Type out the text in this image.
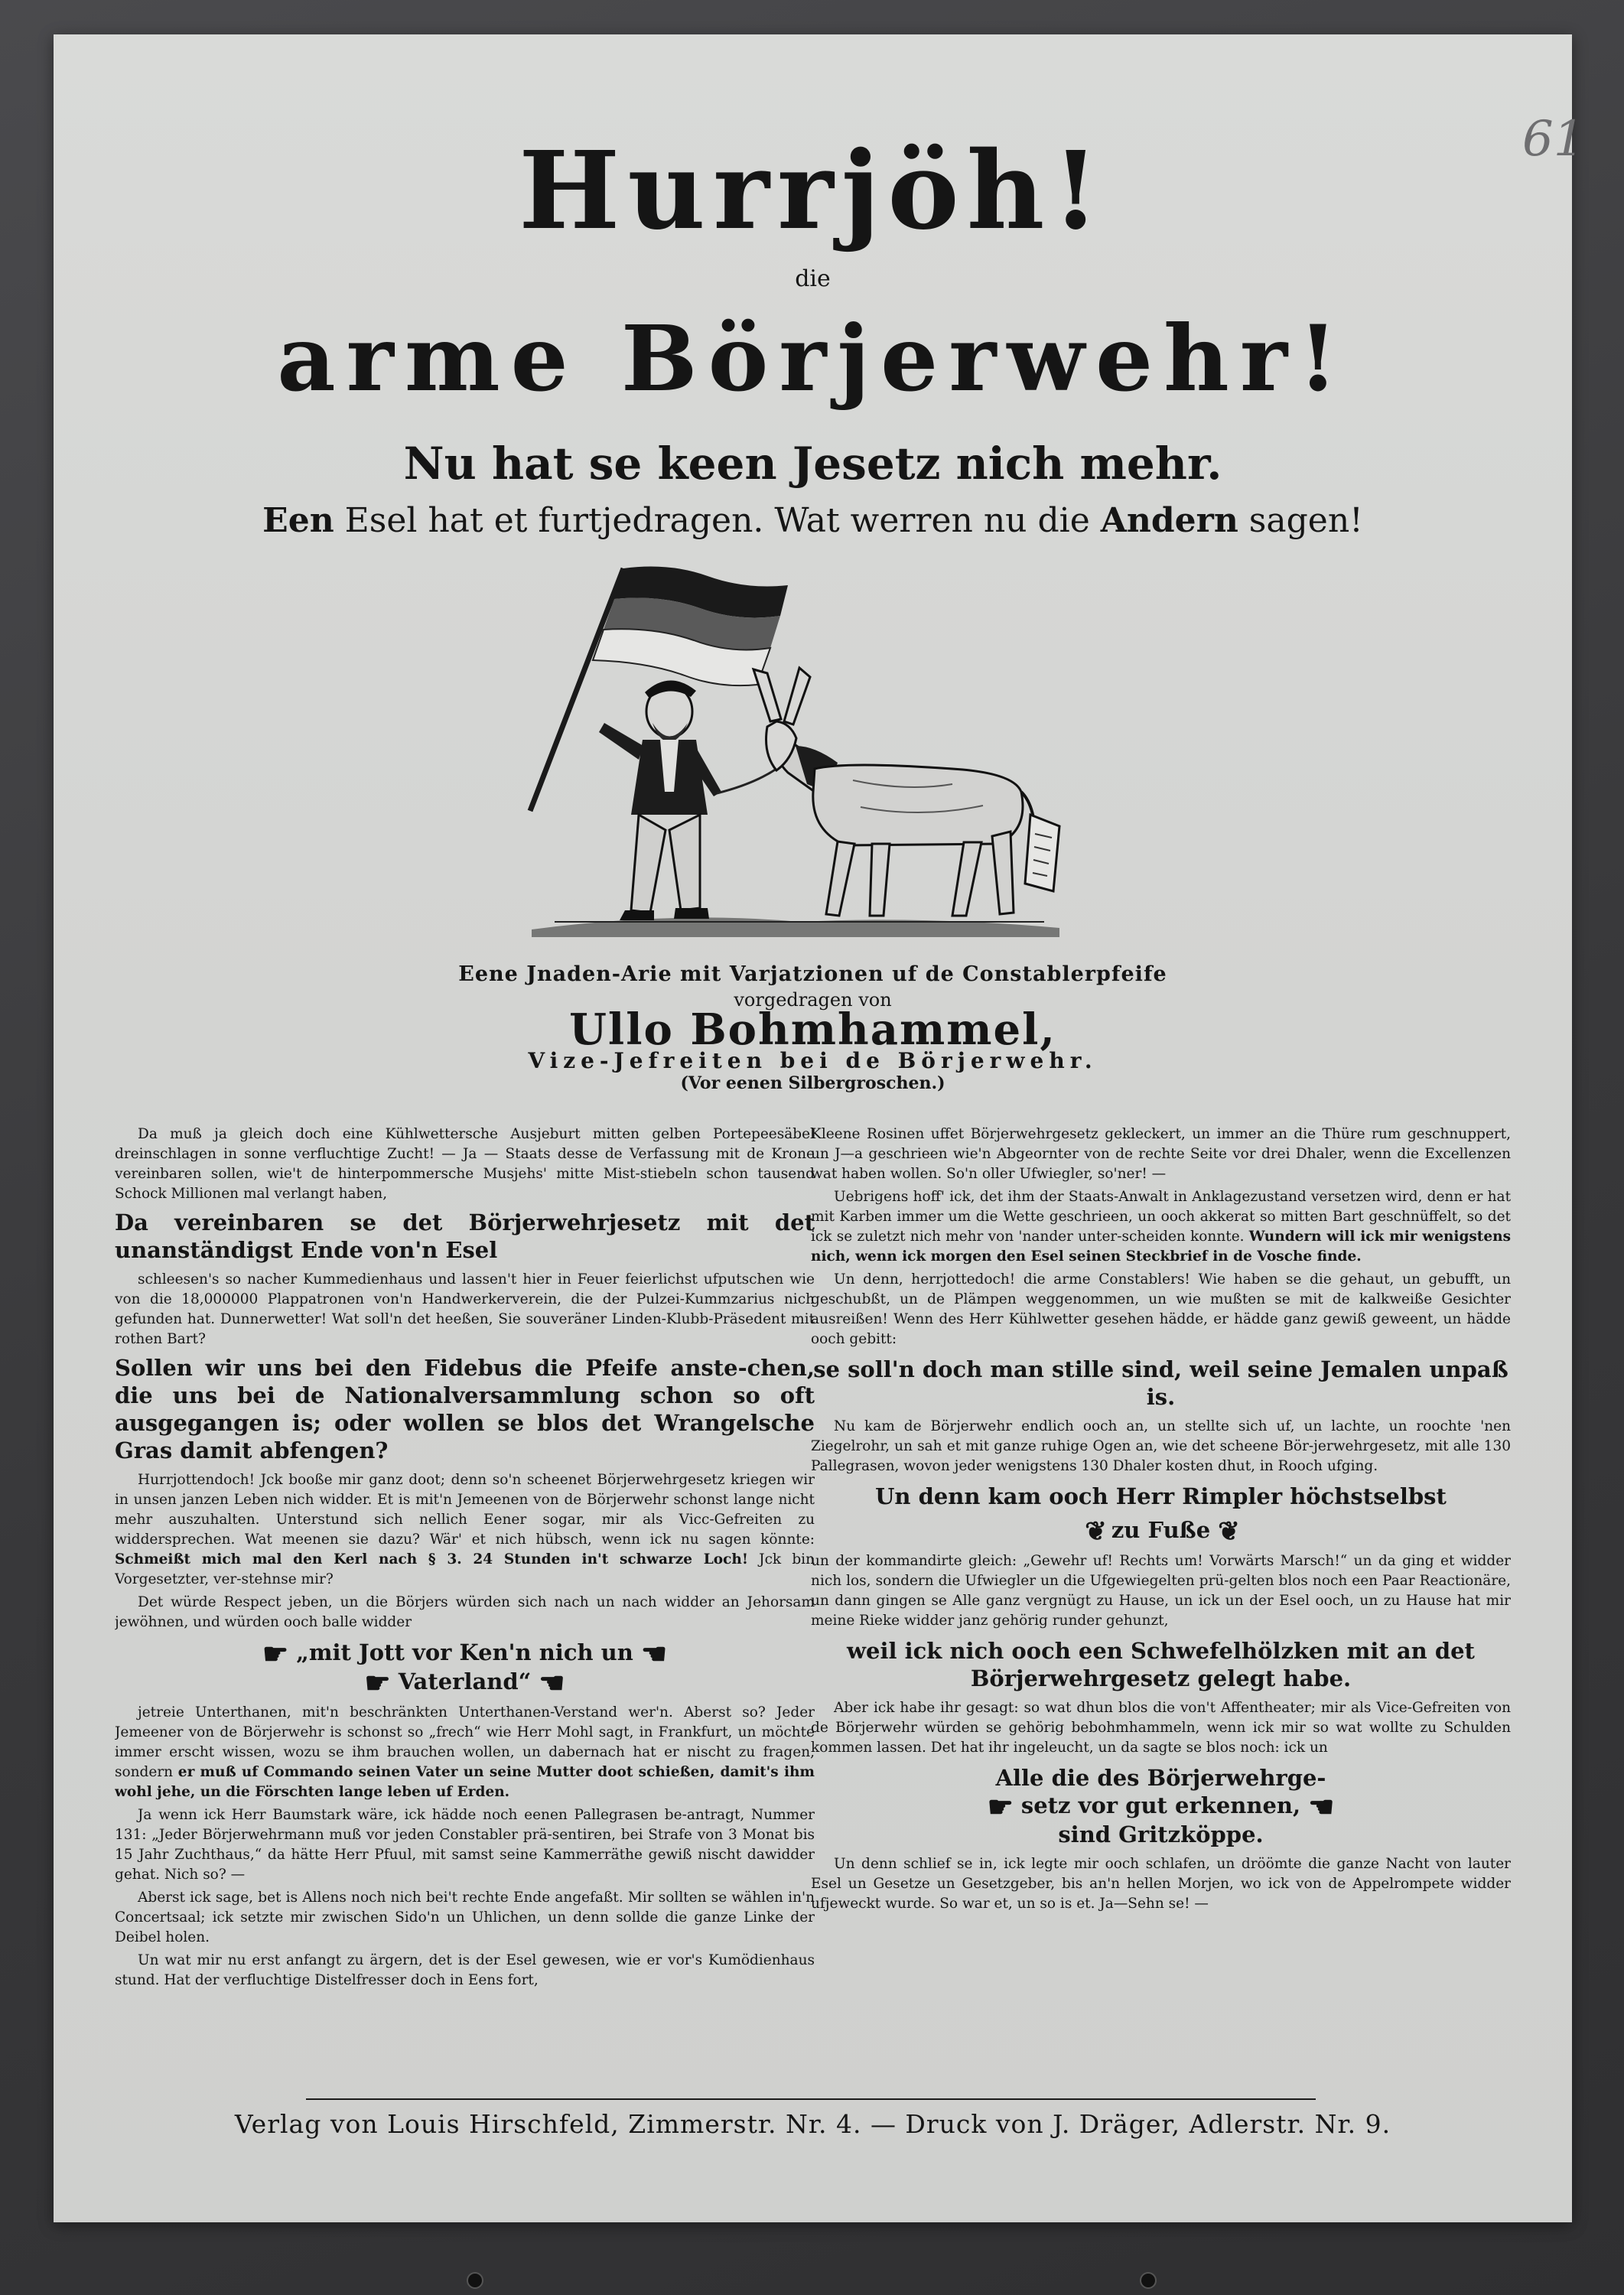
61
Hurrjöh!
die
arme Börjerwehr!
Nu hat se keen Jesetz nich mehr.
Een Esel hat et furtjedragen. Wat werren nu die Andern sagen!
Eene Jnaden-Arie mit Varjatzionen uf de Constablerpfeife
vorgedragen von
Ullo Bohmhammel,
Vize-Jefreiten bei de Börjerwehr.
(Vor eenen Silbergroschen.)

Da muß ja gleich doch eine Kühlwettersche Ausjeburt mitten gelben Portepeesäbel dreinschlagen in sonne verfluchtige Zucht! — Ja — Staats desse de Verfassung mit de Krone vereinbaren sollen, wie't de hinterpommersche Musjehs' mitte Mist-stiebeln schon tausend Schock Millionen mal verlangt haben,

Da vereinbaren se det Börjerwehrjesetz mit det unanständigst Ende von'n Esel

schleesen's so nacher Kummedienhaus und lassen't hier in Feuer feierlichst ufputschen wie von die 18,000000 Plappatronen von'n Handwerkerverein, die der Pulzei-Kummzarius nich gefunden hat. Dunnerwetter! Wat soll'n det heeßen, Sie souveräner Linden-Klubb-Präsedent mit rothen Bart?

Sollen wir uns bei den Fidebus die Pfeife anste-chen, die uns bei de Nationalversammlung schon so oft ausgegangen is; oder wollen se blos det Wrangelsche Gras damit abfengen?

Hurrjottendoch! Jck booße mir ganz doot; denn so'n scheenet Börjerwehrgesetz kriegen wir in unsen janzen Leben nich widder. Et is mit'n Jemeenen von de Börjerwehr schonst lange nicht mehr auszuhalten. Unterstund sich nellich Eener sogar, mir als Vicc-Gefreiten zu widdersprechen. Wat meenen sie dazu? Wär' et nich hübsch, wenn ick nu sagen könnte: Schmeißt mich mal den Kerl nach § 3. 24 Stunden in't schwarze Loch! Jck bin Vorgesetzter, ver-stehnse mir?

Det würde Respect jeben, un die Börjers würden sich nach un nach widder an Jehorsam jewöhnen, und würden ooch balle widder

☛ „mit Jott vor Ken'n nich un ☚
☛ Vaterland“ ☚

jetreie Unterthanen, mit'n beschränkten Unterthanen-Verstand wer'n. Aberst so? Jeder Jemeener von de Börjerwehr is schonst so „frech“ wie Herr Mohl sagt, in Frankfurt, un möchte immer erscht wissen, wozu se ihm brauchen wollen, un dabernach hat er nischt zu fragen, sondern er muß uf Commando seinen Vater un seine Mutter doot schießen, damit's ihm wohl jehe, un die Förschten lange leben uf Erden.

Ja wenn ick Herr Baumstark wäre, ick hädde noch eenen Pallegrasen be-antragt, Nummer 131: „Jeder Börjerwehrmann muß vor jeden Constabler prä-sentiren, bei Strafe von 3 Monat bis 15 Jahr Zuchthaus,“ da hätte Herr Pfuul, mit samst seine Kammerräthe gewiß nischt dawidder gehat. Nich so? —

Aberst ick sage, bet is Allens noch nich bei't rechte Ende angefaßt. Mir sollten se wählen in'n Concertsaal; ick setzte mir zwischen Sido'n un Uhlichen, un denn sollde die ganze Linke der Deibel holen.

Un wat mir nu erst anfangt zu ärgern, det is der Esel gewesen, wie er vor's Kumödienhaus stund. Hat der verfluchtige Distelfresser doch in Eens fort,

Kleene Rosinen uffet Börjerwehrgesetz gekleckert, un immer an die Thüre rum geschnuppert, un J—a geschrieen wie'n Abgeornter von de rechte Seite vor drei Dhaler, wenn die Excellenzen wat haben wollen. So'n oller Ufwiegler, so'ner! —

Uebrigens hoff' ick, det ihm der Staats-Anwalt in Anklagezustand versetzen wird, denn er hat mit Karben immer um die Wette geschrieen, un ooch akkerat so mitten Bart geschnüffelt, so det ick se zuletzt nich mehr von 'nander unter-scheiden konnte. Wundern will ick mir wenigstens nich, wenn ick morgen den Esel seinen Steckbrief in de Vosche finde.

Un denn, herrjottedoch! die arme Constablers! Wie haben se die gehaut, un gebufft, un geschubßt, un de Plämpen weggenommen, un wie mußten se mit de kalkweiße Gesichter ausreißen! Wenn des Herr Kühlwetter gesehen hädde, er hädde ganz gewiß geweent, un hädde ooch gebitt:

se soll'n doch man stille sind, weil seine Jemalen unpaß is.

Nu kam de Börjerwehr endlich ooch an, un stellte sich uf, un lachte, un roochte 'nen Ziegelrohr, un sah et mit ganze ruhige Ogen an, wie det scheene Bör-jerwehrgesetz, mit alle 130 Pallegrasen, wovon jeder wenigstens 130 Dhaler kosten dhut, in Rooch ufging.

Un denn kam ooch Herr Rimpler höchstselbst

❦ zu Fuße ❦

un der kommandirte gleich: „Gewehr uf! Rechts um! Vorwärts Marsch!“ un da ging et widder nich los, sondern die Ufwiegler un die Ufgewiegelten prü-gelten blos noch een Paar Reactionäre, un dann gingen se Alle ganz vergnügt zu Hause, un ick un der Esel ooch, un zu Hause hat mir meine Rieke widder janz gehörig runder gehunzt,

weil ick nich ooch een Schwefelhölzken mit an det Börjerwehrgesetz gelegt habe.

Aber ick habe ihr gesagt: so wat dhun blos die von't Affentheater; mir als Vice-Gefreiten von de Börjerwehr würden se gehörig bebohmhammeln, wenn ick mir so wat wollte zu Schulden kommen lassen. Det hat ihr ingeleucht, un da sagte se blos noch: ick un

Alle die des Börjerwehrge-
☛ setz vor gut erkennen, ☚
sind Gritzköppe.

Un denn schlief se in, ick legte mir ooch schlafen, un dröömte die ganze Nacht von lauter Esel un Gesetze un Gesetzgeber, bis an'n hellen Morjen, wo ick von de Appelrompete widder ufjeweckt wurde. So war et, un so is et. Ja—Sehn se! —

Verlag von Louis Hirschfeld, Zimmerstr. Nr. 4. — Druck von J. Dräger, Adlerstr. Nr. 9.
